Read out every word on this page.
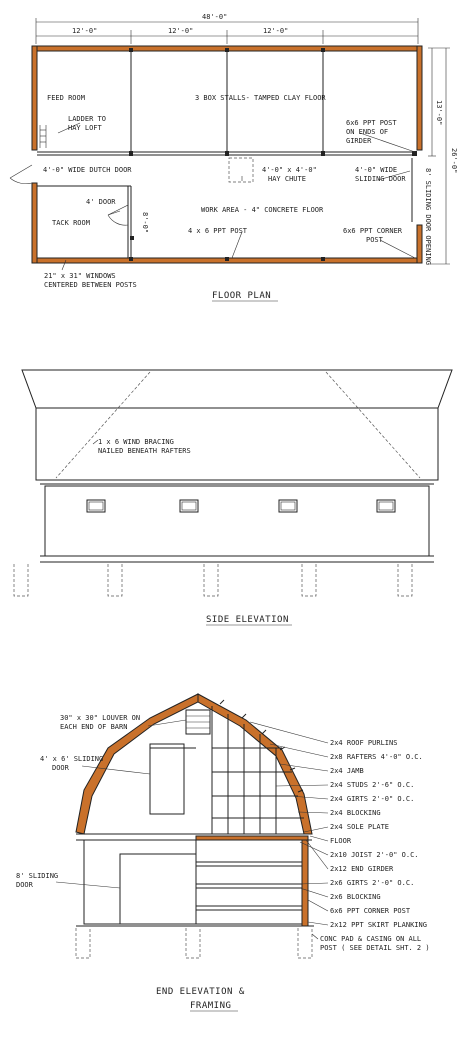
48'-0"
12'-0"	12'-0"	12'-0"
13'-0"
26'-0"
8' SLIDING DOOR OPENING
FEED ROOM	3 BOX STALLS- TAMPED CLAY FLOOR
LADDER TO
HAY LOFT
6x6 PPT POST
ON ENDS OF
GIRDER
4'-0" WIDE DUTCH DOOR	4'-0" x 4'-0"
HAY CHUTE
4'-0" WIDE
SLIDING DOOR
4' DOOR
8'-0"
TACK ROOM
WORK AREA - 4" CONCRETE FLOOR
4 x 6 PPT POST	6x6 PPT CORNER
POST
21" x 31" WINDOWS
CENTERED BETWEEN POSTS
FLOOR PLAN
1 x 6 WIND BRACING
NAILED BENEATH RAFTERS
SIDE ELEVATION
30" x 30" LOUVER ON
EACH END OF BARN
4' x 6' SLIDING
DOOR
8' SLIDING
DOOR
2x4 ROOF PURLINS
2x8 RAFTERS 4'-0" O.C.
2x4 JAMB
2x4 STUDS 2'-6" O.C.
2x4 GIRTS 2'-0" O.C.
2x4 BLOCKING
2x4 SOLE PLATE
FLOOR
2x10 JOIST 2'-0" O.C.
2x12 END GIRDER
2x6 GIRTS 2'-0" O.C.
2x6 BLOCKING
6x6 PPT CORNER POST
2x12 PPT SKIRT PLANKING
CONC PAD & CASING ON ALL
POST ( SEE DETAIL SHT. 2 )
END ELEVATION &
FRAMING
